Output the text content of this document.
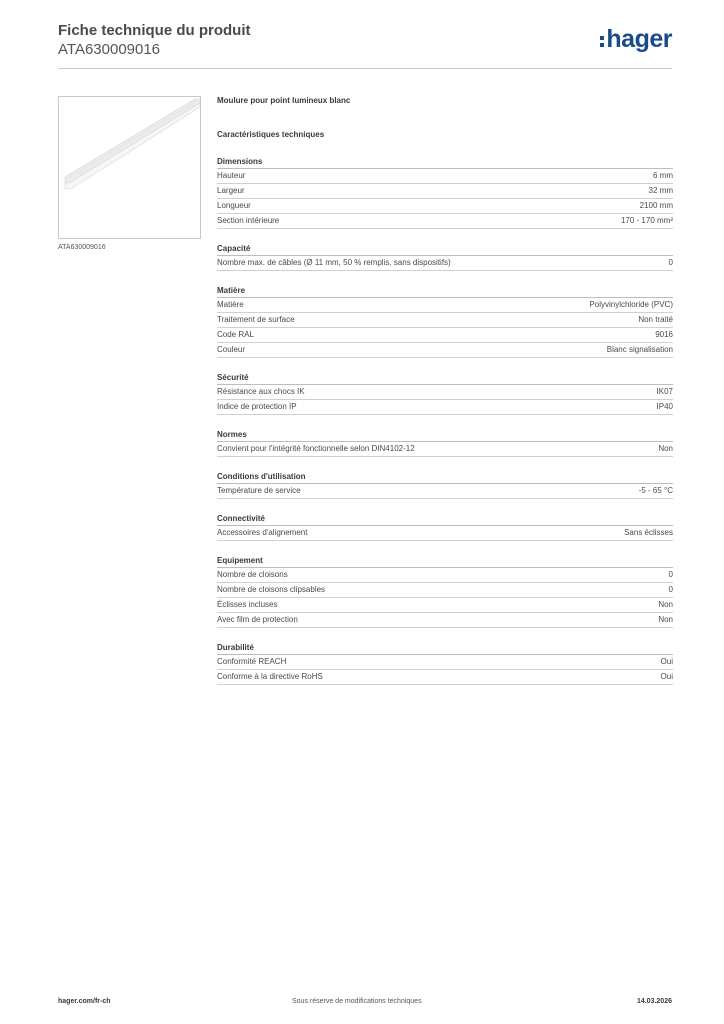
Fiche technique du produit
ATA630009016	hager
ATA630009016
Moulure pour point lumineux blanc
Caractéristiques techniques
Dimensions
Hauteur	6 mm
Largeur	32 mm
Longueur	2100 mm
Section intérieure	170 - 170 mm²
Capacité
Nombre max. de câbles (Ø 11 mm, 50 % remplis, sans dispositifs)	0
Matière
Matière	Polyvinylchloride (PVC)
Traitement de surface	Non traité
Code RAL	9016
Couleur	Blanc signalisation
Sécurité
Résistance aux chocs IK	IK07
Indice de protection IP	IP40
Normes
Convient pour l'intégrité fonctionnelle selon DIN4102-12	Non
Conditions d'utilisation
Température de service	-5 - 65 °C
Connectivité
Accessoires d'alignement	Sans éclisses
Equipement
Nombre de cloisons	0
Nombre de cloisons clipsables	0
Éclisses incluses	Non
Avec film de protection	Non
Durabilité
Conformité REACH	Oui
Conforme à la directive RoHS	Oui
hager.com/fr-ch	Sous réserve de modifications techniques	14.03.2026
